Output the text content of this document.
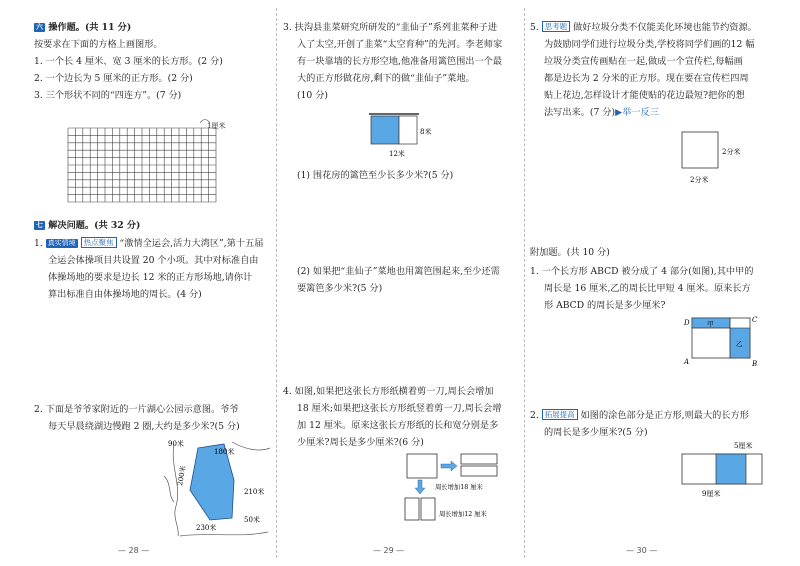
六 操作题。(共 11 分)
按要求在下面的方格上画图形。
1. 一个长 4 厘米、宽 3 厘米的长方形。(2 分)
2. 一个边长为 5 厘米的正方形。(2 分)
3. 三个形状不同的“四连方”。(7 分)
1厘米
七 解决问题。(共 32 分)
1. 真实情境 热点聚焦 “激情全运会,活力大湾区”,第十五届
全运会体操项目共设置 20 个小项。其中对标准自由
体操场地的要求是边长 12 米的正方形场地,请你计
算出标准自由体操场地的周长。(4 分)
2. 下面是爷爷家附近的一片湖心公园示意图。爷爷
每天早晨绕湖边慢跑 2 圈,大约是多少米?(5 分)
90米
180米
200米
210米
230米
50米
— 28 —
3. 扶沟县韭菜研究所研发的“韭仙子”系列韭菜种子进
入了太空,开创了韭菜“太空育种”的先河。李老师家
有一块靠墙的长方形空地,他准备用篱笆围出一个最
大的正方形做花房,剩下的做“韭仙子”菜地。
(10 分)
8米
12米
(1) 围花房的篱笆至少长多少米?(5 分)
(2) 如果把“韭仙子”菜地也用篱笆围起来,至少还需
要篱笆多少米?(5 分)
4. 如图,如果把这张长方形纸横着剪一刀,周长会增加
18 厘米;如果把这张长方形纸竖着剪一刀,周长会增
加 12 厘米。原来这张长方形纸的长和宽分别是多
少厘米?周长是多少厘米?(6 分)
周长增加18 厘米
周长增加12 厘米
— 29 —
5. 思考题 做好垃圾分类不仅能美化环境也能节约资源。
为鼓励同学们进行垃圾分类,学校将同学们画的12 幅
垃圾分类宣传画贴在一起,做成一个宣传栏,每幅画
都是边长为 2 分米的正方形。现在要在宣传栏四周
贴上花边,怎样设计才能使贴的花边最短?把你的想
法写出来。(7 分)▶举一反三
2分米
2分米
附加题。(共 10 分)
1. 一个长方形 ABCD 被分成了 4 部分(如图),其中甲的
周长是 16 厘米,乙的周长比甲短 4 厘米。原来长方
形 ABCD 的周长是多少厘米?
D	C
A	B
甲
乙
2. 拓展提高 如图的涂色部分是正方形,则最大的长方形
的周长是多少厘米?(5 分)
5厘米
9厘米
— 30 —
